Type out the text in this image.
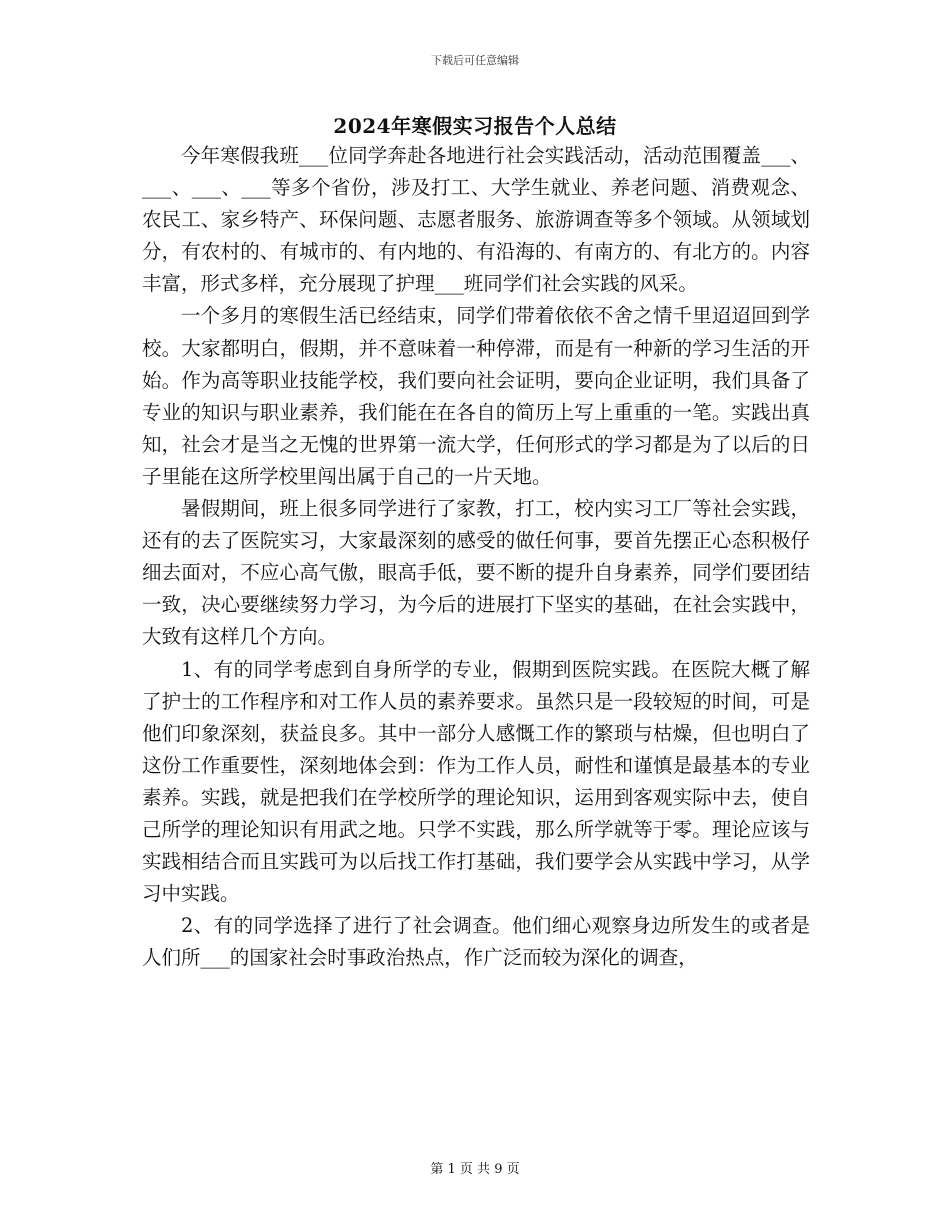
下载后可任意编辑
2024年寒假实习报告个人总结

今年寒假我班___位同学奔赴各地进行社会实践活动，活动范围覆盖___、___、___、___等多个省份，涉及打工、大学生就业、养老问题、消费观念、农民工、家乡特产、环保问题、志愿者服务、旅游调查等多个领域。从领域划分，有农村的、有城市的、有内地的、有沿海的、有南方的、有北方的。内容丰富，形式多样，充分展现了护理___班同学们社会实践的风采。

一个多月的寒假生活已经结束，同学们带着依依不舍之情千里迢迢回到学校。大家都明白，假期，并不意味着一种停滞，而是有一种新的学习生活的开始。作为高等职业技能学校，我们要向社会证明，要向企业证明，我们具备了专业的知识与职业素养，我们能在在各自的简历上写上重重的一笔。实践出真知，社会才是当之无愧的世界第一流大学，任何形式的学习都是为了以后的日子里能在这所学校里闯出属于自己的一片天地。

暑假期间，班上很多同学进行了家教，打工，校内实习工厂等社会实践，还有的去了医院实习，大家最深刻的感受的做任何事，要首先摆正心态积极仔细去面对，不应心高气傲，眼高手低，要不断的提升自身素养，同学们要团结一致，决心要继续努力学习，为今后的进展打下坚实的基础，在社会实践中，大致有这样几个方向。

1、有的同学考虑到自身所学的专业，假期到医院实践。在医院大概了解了护士的工作程序和对工作人员的素养要求。虽然只是一段较短的时间，可是他们印象深刻，获益良多。其中一部分人感慨工作的繁琐与枯燥，但也明白了这份工作重要性，深刻地体会到：作为工作人员，耐性和谨慎是最基本的专业素养。实践，就是把我们在学校所学的理论知识，运用到客观实际中去，使自己所学的理论知识有用武之地。只学不实践，那么所学就等于零。理论应该与实践相结合而且实践可为以后找工作打基础，我们要学会从实践中学习，从学习中实践。

2、有的同学选择了进行了社会调查。他们细心观察身边所发生的或者是人们所___的国家社会时事政治热点，作广泛而较为深化的调查，

第 1 页 共 9 页
